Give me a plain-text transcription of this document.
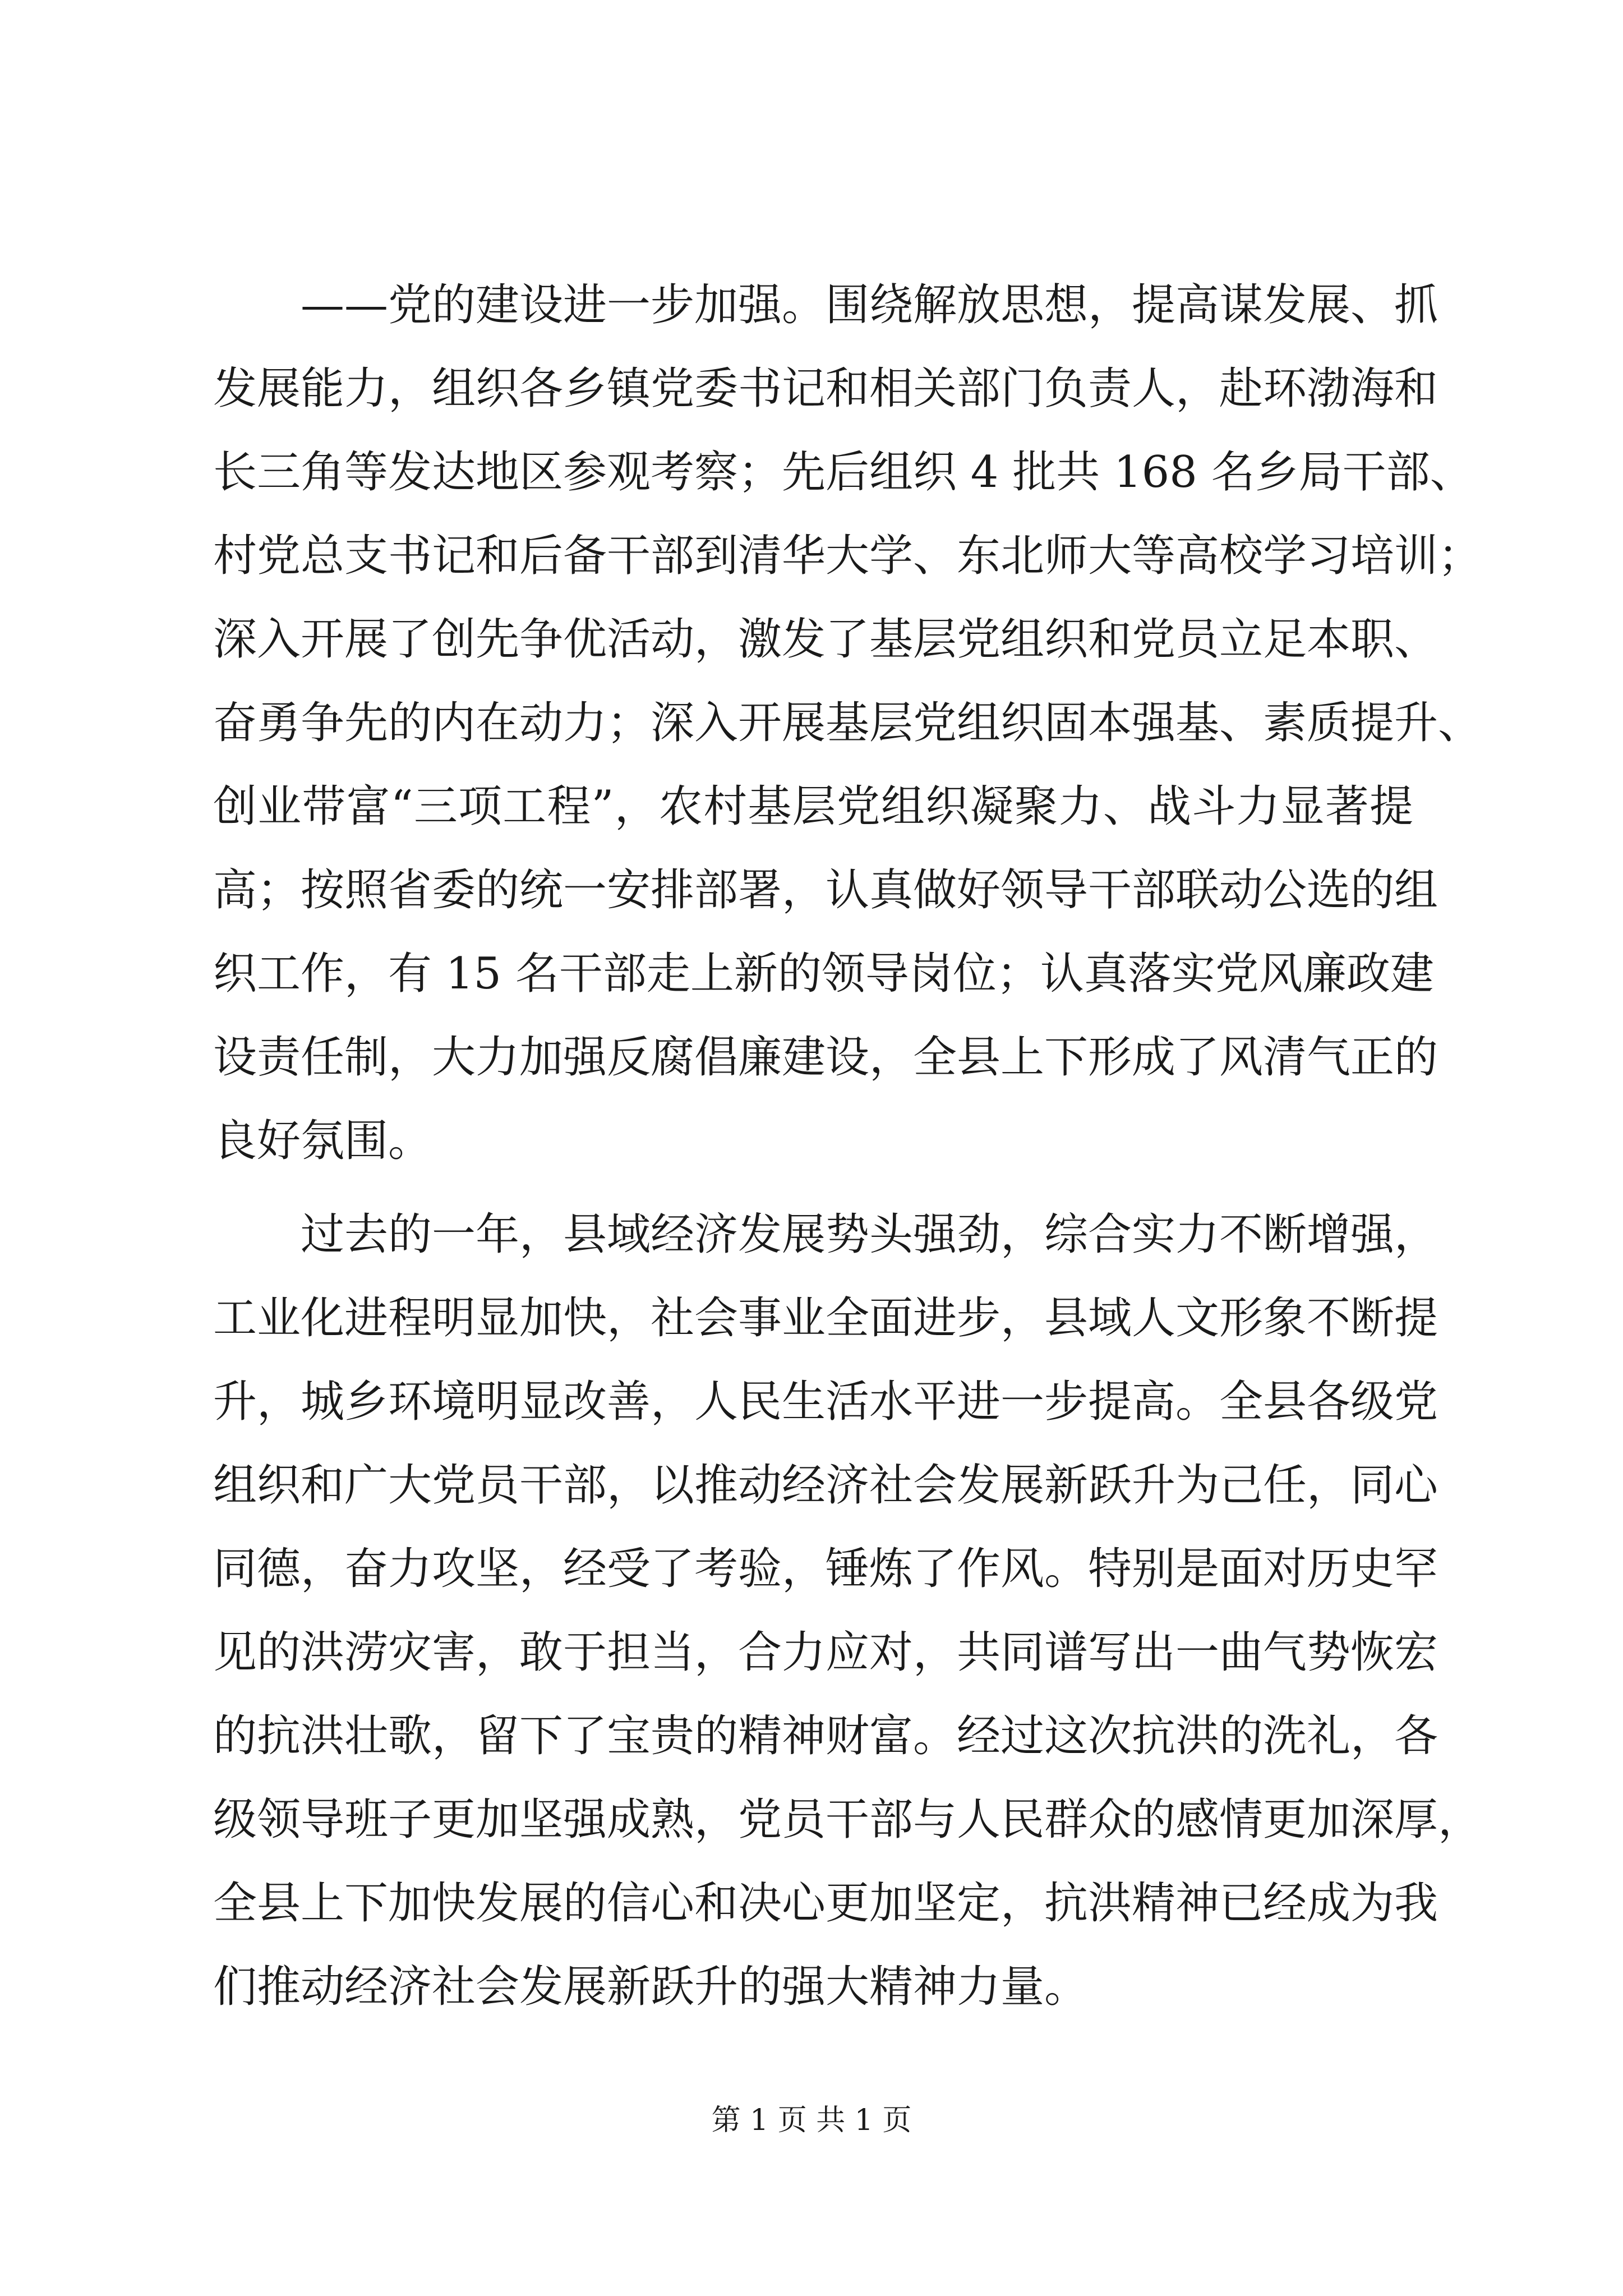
　　——党的建设进一步加强。围绕解放思想，提高谋发展、抓
发展能力，组织各乡镇党委书记和相关部门负责人，赴环渤海和
长三角等发达地区参观考察；先后组织 4 批共 168 名乡局干部、
村党总支书记和后备干部到清华大学、东北师大等高校学习培训；
深入开展了创先争优活动，激发了基层党组织和党员立足本职、
奋勇争先的内在动力；深入开展基层党组织固本强基、素质提升、
创业带富“三项工程”，农村基层党组织凝聚力、战斗力显著提
高；按照省委的统一安排部署，认真做好领导干部联动公选的组
织工作，有 15 名干部走上新的领导岗位；认真落实党风廉政建
设责任制，大力加强反腐倡廉建设，全县上下形成了风清气正的
良好氛围。
　　过去的一年，县域经济发展势头强劲，综合实力不断增强，
工业化进程明显加快，社会事业全面进步，县域人文形象不断提
升，城乡环境明显改善，人民生活水平进一步提高。全县各级党
组织和广大党员干部，以推动经济社会发展新跃升为己任，同心
同德，奋力攻坚，经受了考验，锤炼了作风。特别是面对历史罕
见的洪涝灾害，敢于担当，合力应对，共同谱写出一曲气势恢宏
的抗洪壮歌，留下了宝贵的精神财富。经过这次抗洪的洗礼，各
级领导班子更加坚强成熟，党员干部与人民群众的感情更加深厚，
全县上下加快发展的信心和决心更加坚定，抗洪精神已经成为我
们推动经济社会发展新跃升的强大精神力量。
第 1 页 共 1 页
